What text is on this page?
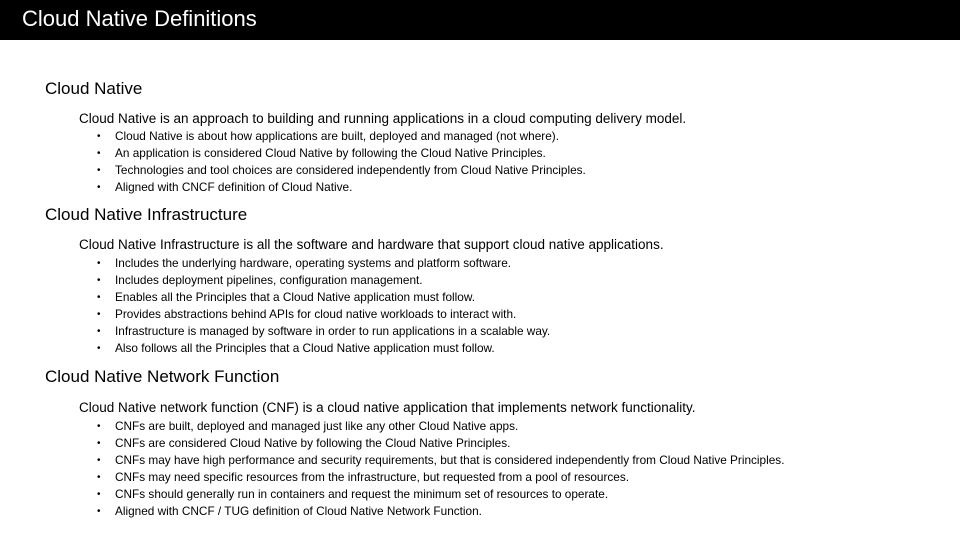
Cloud Native Definitions
Cloud Native
Cloud Native is an approach to building and running applications in a cloud computing delivery model.
• Cloud Native is about how applications are built, deployed and managed (not where).
• An application is considered Cloud Native by following the Cloud Native Principles.
• Technologies and tool choices are considered independently from Cloud Native Principles.
• Aligned with CNCF definition of Cloud Native.
Cloud Native Infrastructure
Cloud Native Infrastructure is all the software and hardware that support cloud native applications.
• Includes the underlying hardware, operating systems and platform software.
• Includes deployment pipelines, configuration management.
• Enables all the Principles that a Cloud Native application must follow.
• Provides abstractions behind APIs for cloud native workloads to interact with.
• Infrastructure is managed by software in order to run applications in a scalable way.
• Also follows all the Principles that a Cloud Native application must follow.
Cloud Native Network Function
Cloud Native network function (CNF) is a cloud native application that implements network functionality.
• CNFs are built, deployed and managed just like any other Cloud Native apps.
• CNFs are considered Cloud Native by following the Cloud Native Principles.
• CNFs may have high performance and security requirements, but that is considered independently from Cloud Native Principles.
• CNFs may need specific resources from the infrastructure, but requested from a pool of resources.
• CNFs should generally run in containers and request the minimum set of resources to operate.
• Aligned with CNCF / TUG definition of Cloud Native Network Function.
